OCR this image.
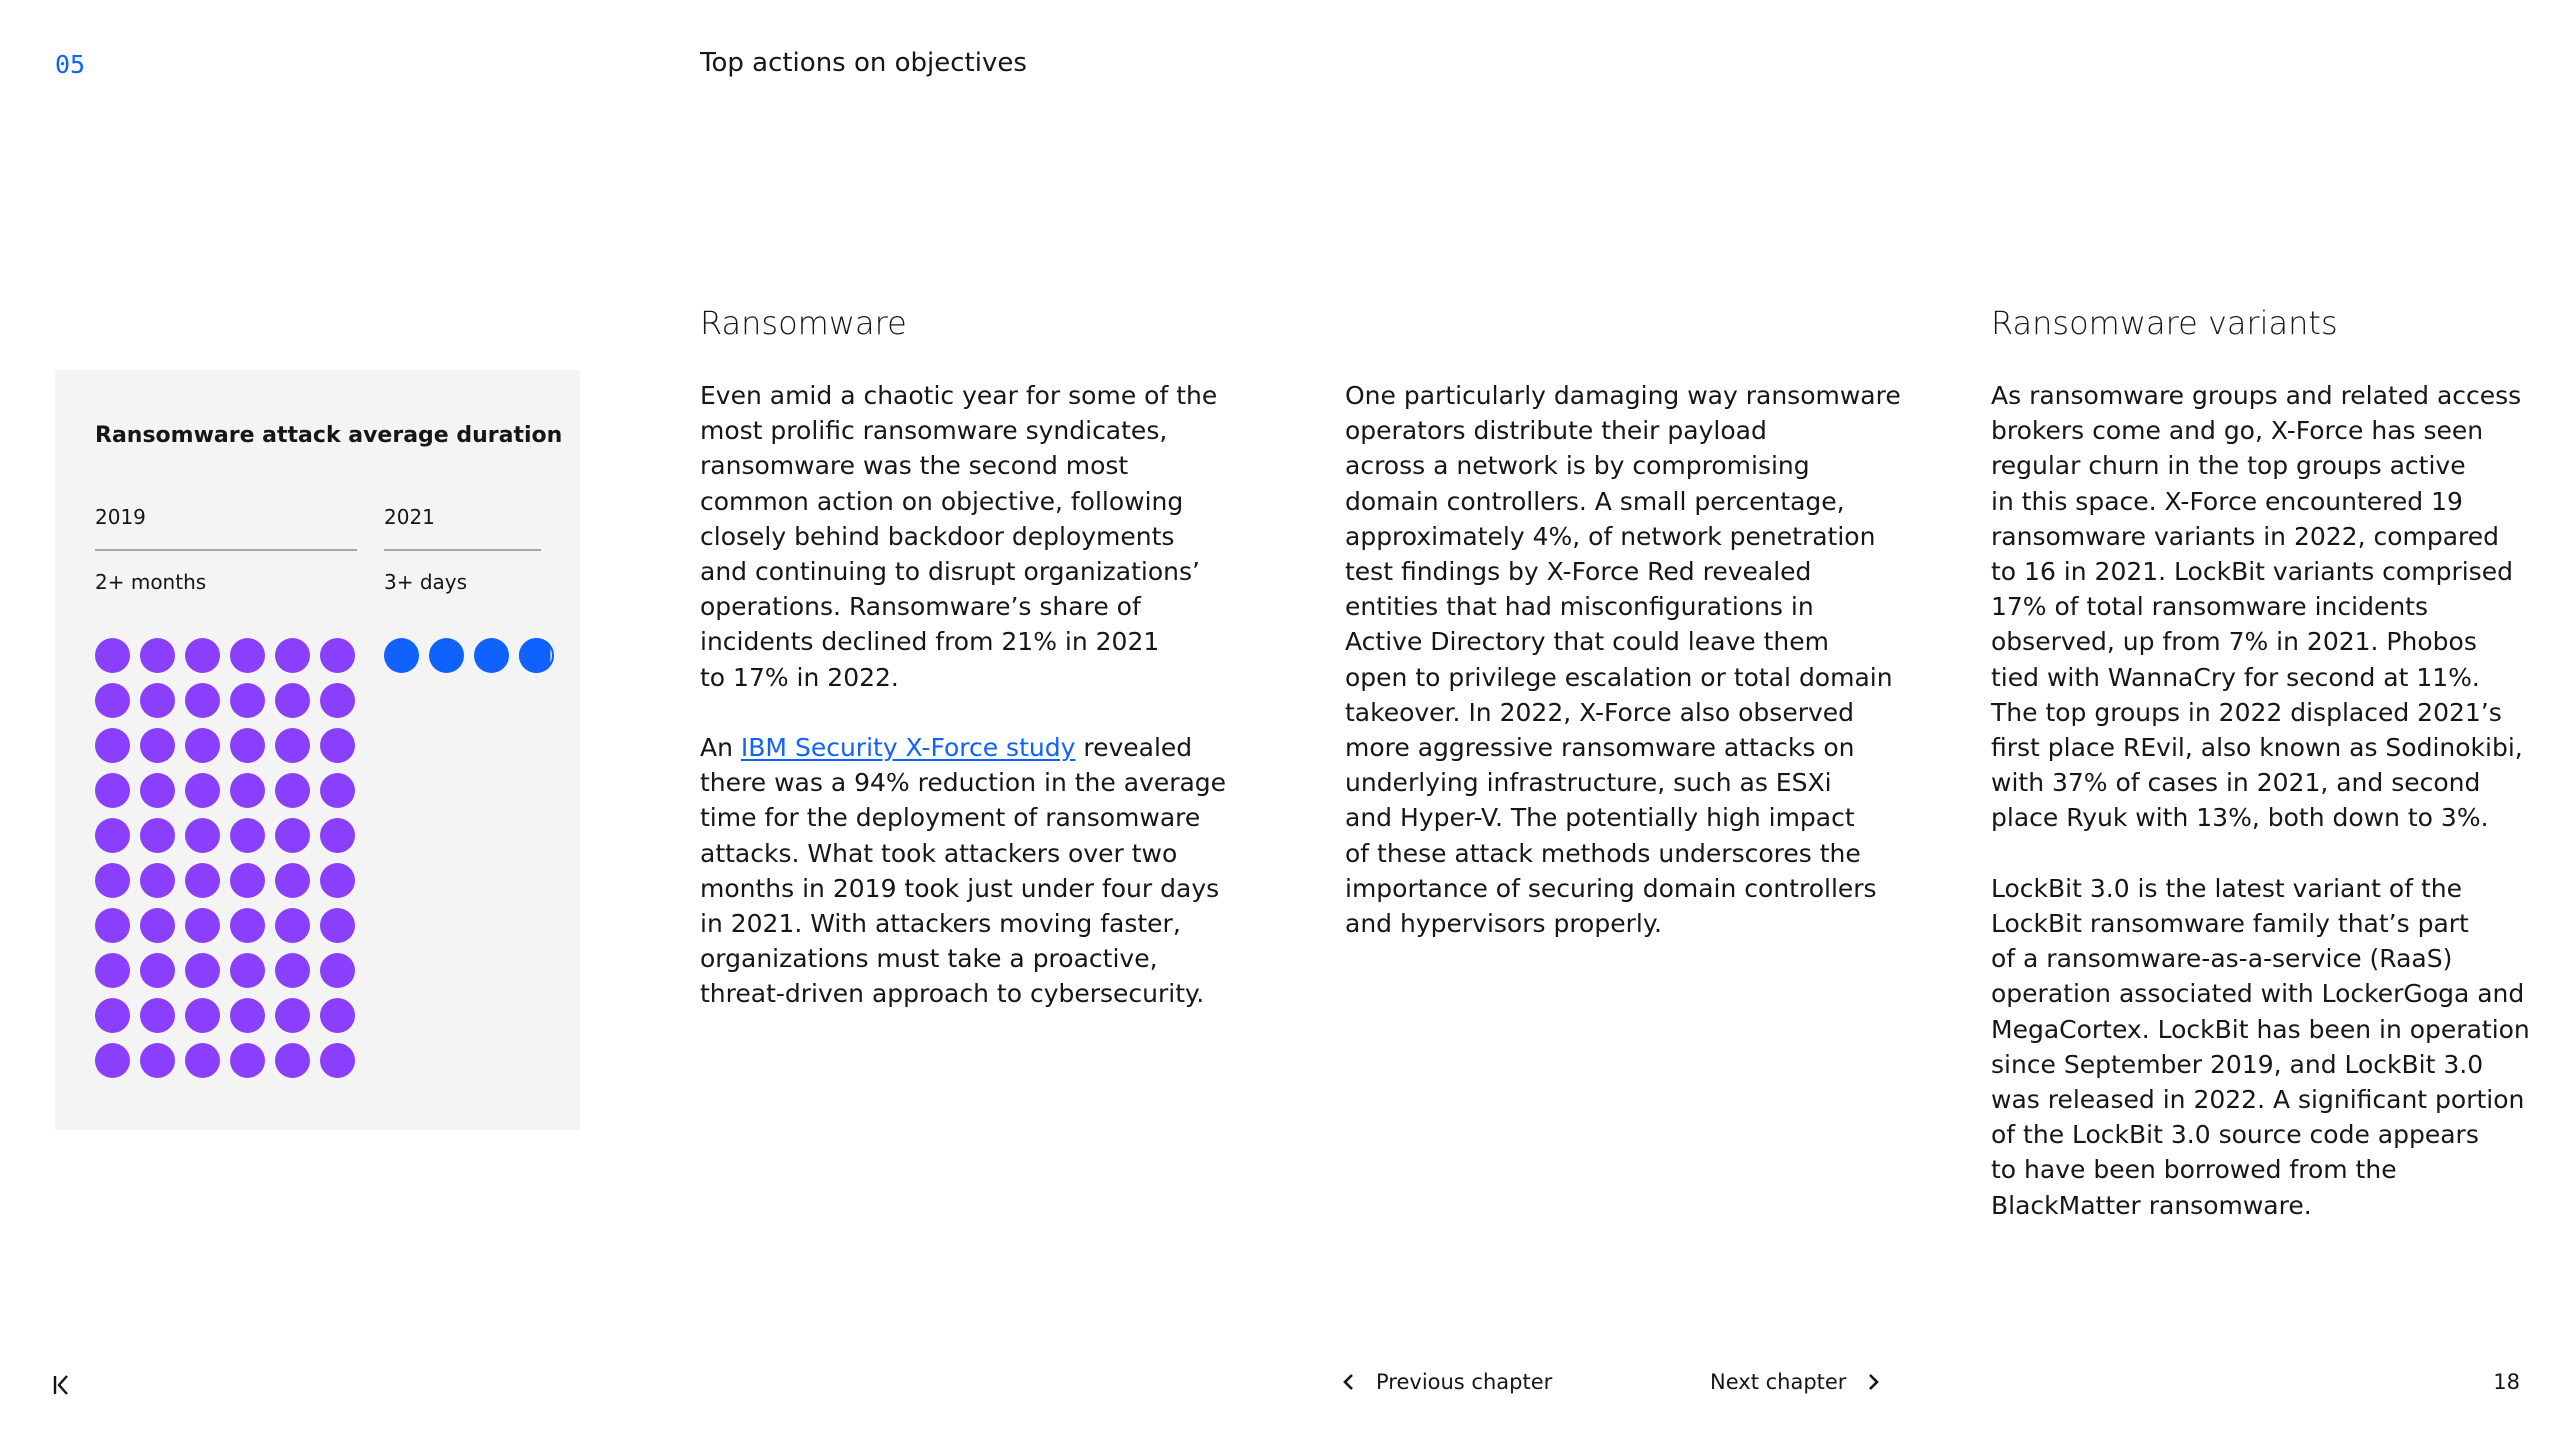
05	Top actions on objectives
Ransomware attack average duration
2019
2+ months
2021
3+ days
Ransomware

Even amid a chaotic year for some of the
most prolific ransomware syndicates,
ransomware was the second most
common action on objective, following
closely behind backdoor deployments
and continuing to disrupt organizations’
operations. Ransomware’s share of
incidents declined from 21% in 2021
to 17% in 2022.

An IBM Security X-Force study revealed
there was a 94% reduction in the average
time for the deployment of ransomware
attacks. What took attackers over two
months in 2019 took just under four days
in 2021. With attackers moving faster,
organizations must take a proactive,
threat-driven approach to cybersecurity.

One particularly damaging way ransomware
operators distribute their payload
across a network is by compromising
domain controllers. A small percentage,
approximately 4%, of network penetration
test findings by X-Force Red revealed
entities that had misconfigurations in
Active Directory that could leave them
open to privilege escalation or total domain
takeover. In 2022, X-Force also observed
more aggressive ransomware attacks on
underlying infrastructure, such as ESXi
and Hyper-V. The potentially high impact
of these attack methods underscores the
importance of securing domain controllers
and hypervisors properly.

Ransomware variants

As ransomware groups and related access
brokers come and go, X-Force has seen
regular churn in the top groups active
in this space. X-Force encountered 19
ransomware variants in 2022, compared
to 16 in 2021. LockBit variants comprised
17% of total ransomware incidents
observed, up from 7% in 2021. Phobos
tied with WannaCry for second at 11%.
The top groups in 2022 displaced 2021’s
first place REvil, also known as Sodinokibi,
with 37% of cases in 2021, and second
place Ryuk with 13%, both down to 3%.

LockBit 3.0 is the latest variant of the
LockBit ransomware family that’s part
of a ransomware-as-a-service (RaaS)
operation associated with LockerGoga and
MegaCortex. LockBit has been in operation
since September 2019, and LockBit 3.0
was released in 2022. A significant portion
of the LockBit 3.0 source code appears
to have been borrowed from the
BlackMatter ransomware.

Previous chapter	Next chapter	18
